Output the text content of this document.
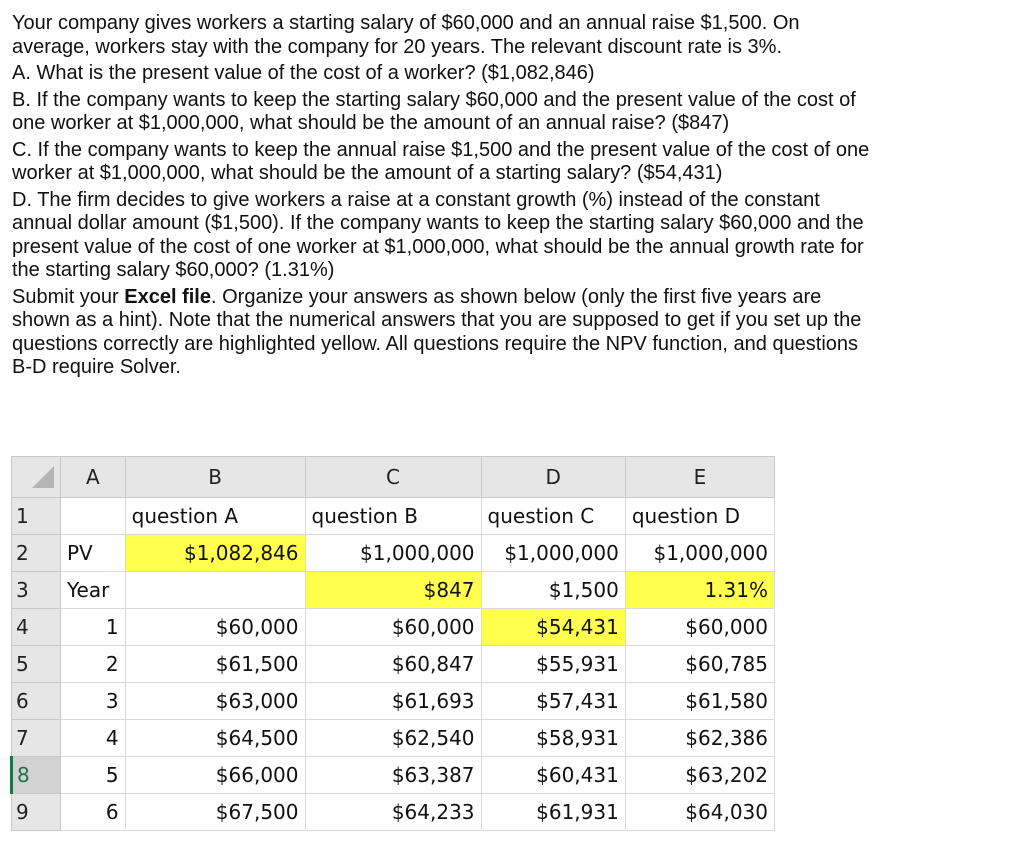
Your company gives workers a starting salary of $60,000 and an annual raise $1,500. On
average, workers stay with the company for 20 years. The relevant discount rate is 3%.
A. What is the present value of the cost of a worker? ($1,082,846)
B. If the company wants to keep the starting salary $60,000 and the present value of the cost of
one worker at $1,000,000, what should be the amount of an annual raise? ($847)
C. If the company wants to keep the annual raise $1,500 and the present value of the cost of one
worker at $1,000,000, what should be the amount of a starting salary? ($54,431)
D. The firm decides to give workers a raise at a constant growth (%) instead of the constant
annual dollar amount ($1,500). If the company wants to keep the starting salary $60,000 and the
present value of the cost of one worker at $1,000,000, what should be the annual growth rate for
the starting salary $60,000? (1.31%)
Submit your Excel file. Organize your answers as shown below (only the first five years are
shown as a hint). Note that the numerical answers that you are supposed to get if you set up the
questions correctly are highlighted yellow. All questions require the NPV function, and questions
B-D require Solver.
	A	B	C	D	E
1		question A	question B	question C	question D
2	PV	$1,082,846	$1,000,000	$1,000,000	$1,000,000
3	Year		$847	$1,500	1.31%
4	1	$60,000	$60,000	$54,431	$60,000
5	2	$61,500	$60,847	$55,931	$60,785
6	3	$63,000	$61,693	$57,431	$61,580
7	4	$64,500	$62,540	$58,931	$62,386
8	5	$66,000	$63,387	$60,431	$63,202
9	6	$67,500	$64,233	$61,931	$64,030
